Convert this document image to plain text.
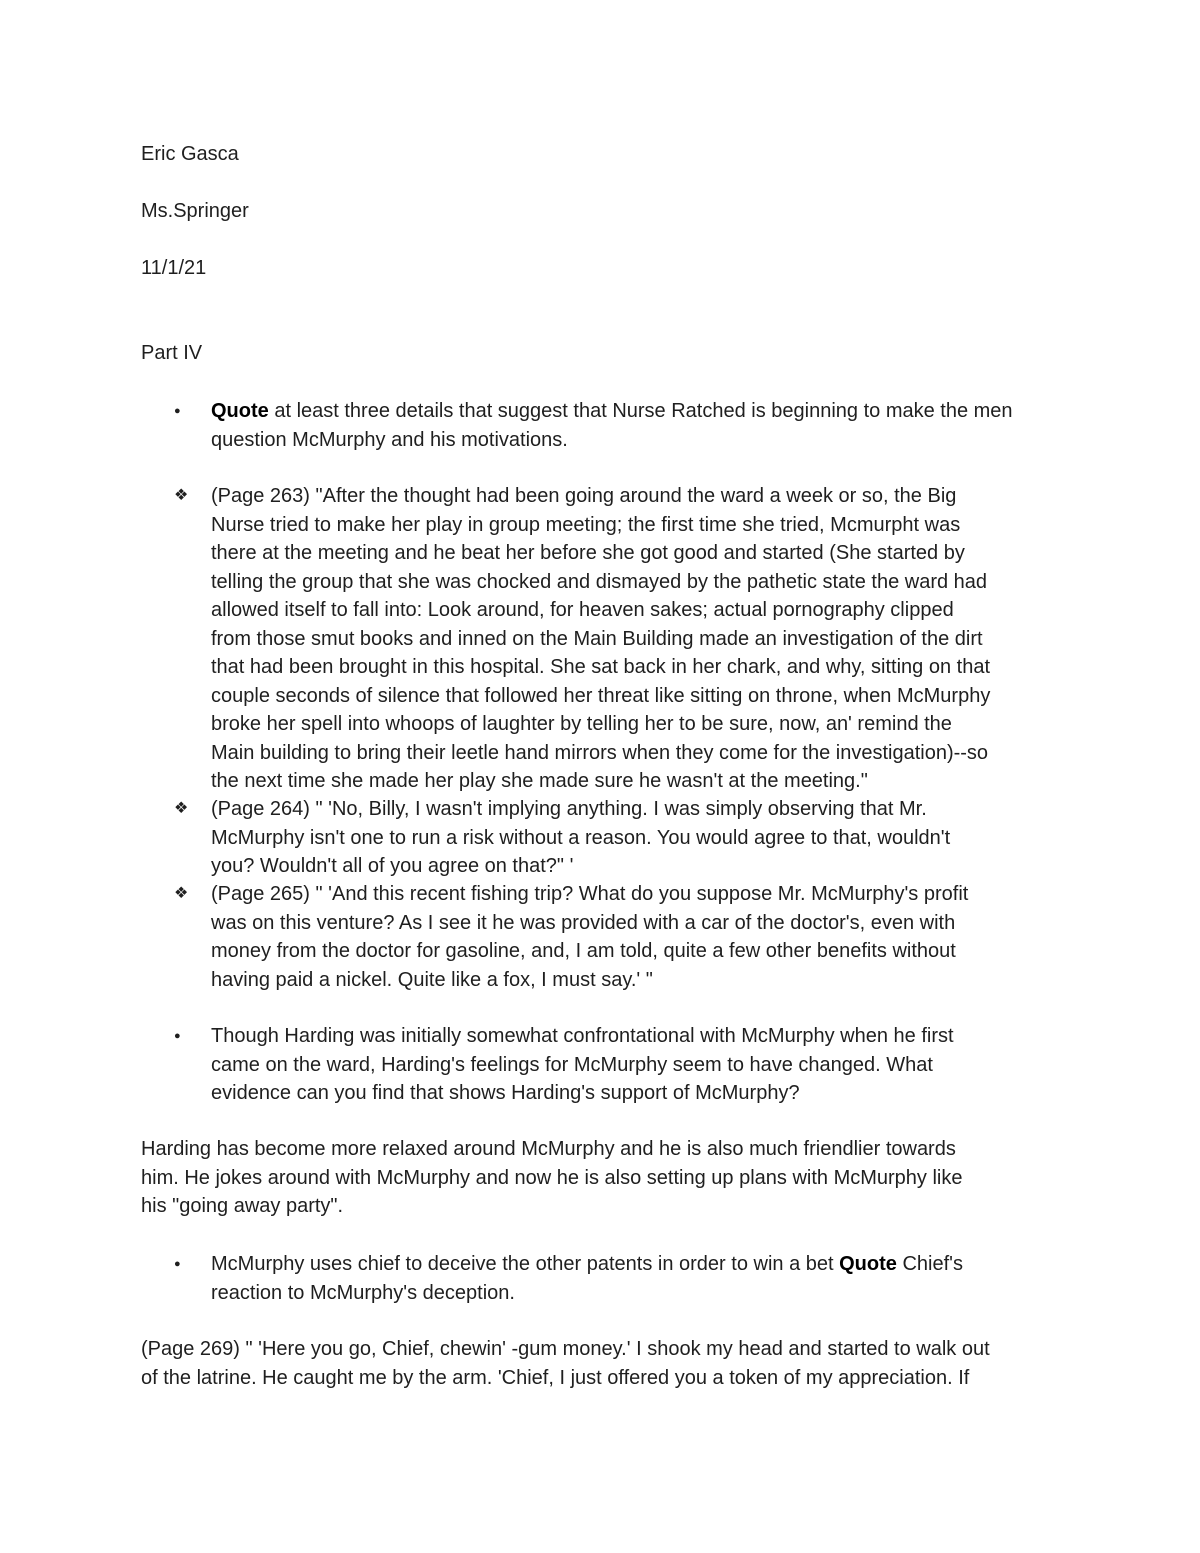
Eric Gasca

Ms.Springer

11/1/21

Part IV

● Quote at least three details that suggest that Nurse Ratched is beginning to make the men question McMurphy and his motivations.

❖ (Page 263) "After the thought had been going around the ward a week or so, the Big
Nurse tried to make her play in group meeting; the first time she tried, Mcmurpht was
there at the meeting and he beat her before she got good and started (She started by
telling the group that she was chocked and dismayed by the pathetic state the ward had
allowed itself to fall into: Look around, for heaven sakes; actual pornography clipped
from those smut books and inned on the Main Building made an investigation of the dirt
that had been brought in this hospital. She sat back in her chark, and why, sitting on that
couple seconds of silence that followed her threat like sitting on throne, when McMurphy
broke her spell into whoops of laughter by telling her to be sure, now, an' remind the
Main building to bring their leetle hand mirrors when they come for the investigation)--so
the next time she made her play she made sure he wasn't at the meeting."
❖ (Page 264) " 'No, Billy, I wasn't implying anything. I was simply observing that Mr.
McMurphy isn't one to run a risk without a reason. You would agree to that, wouldn't
you? Wouldn't all of you agree on that?" '
❖ (Page 265) " 'And this recent fishing trip? What do you suppose Mr. McMurphy's profit
was on this venture? As I see it he was provided with a car of the doctor's, even with
money from the doctor for gasoline, and, I am told, quite a few other benefits without
having paid a nickel. Quite like a fox, I must say.' "
● Though Harding was initially somewhat confrontational with McMurphy when he first
came on the ward, Harding's feelings for McMurphy seem to have changed. What
evidence can you find that shows Harding's support of McMurphy?
Harding has become more relaxed around McMurphy and he is also much friendlier towards
him. He jokes around with McMurphy and now he is also setting up plans with McMurphy like
his "going away party".
● McMurphy uses chief to deceive the other patents in order to win a bet Quote Chief's
reaction to McMurphy's deception.
(Page 269) " 'Here you go, Chief, chewin' -gum money.' I shook my head and started to walk out
of the latrine. He caught me by the arm. 'Chief, I just offered you a token of my appreciation. If
